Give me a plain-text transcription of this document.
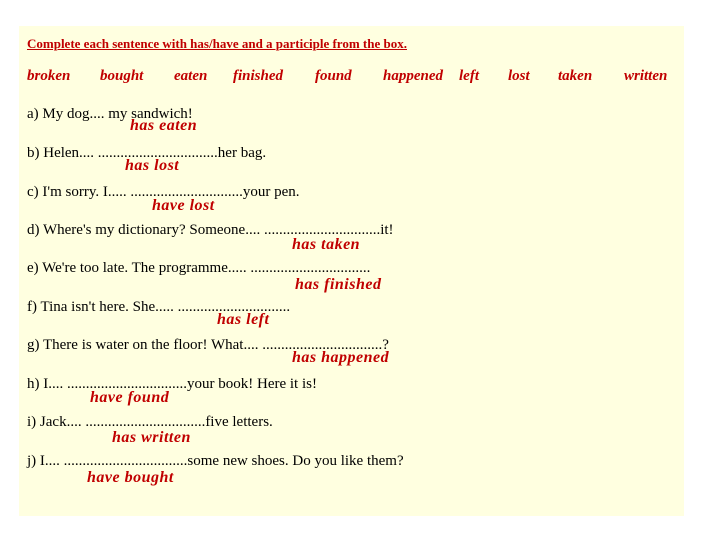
Complete each sentence with has/have and a participle from the box.
broken bought eaten finished found happened left lost taken written
a) My dog.... my sandwich!
has eaten
b) Helen.... ................................her bag.
has lost
c) I'm sorry. I..... ..............................your pen.
have lost
d) Where's my dictionary? Someone.... ...............................it!
has taken
e) We're too late. The programme..... ................................
has finished
f) Tina isn't here. She..... ..............................
has left
g) There is water on the floor! What.... ................................?
has happened
h) I.... ................................your book! Here it is!
have found
i) Jack.... ................................five letters.
has written
j) I.... .................................some new shoes. Do you like them?
have bought
